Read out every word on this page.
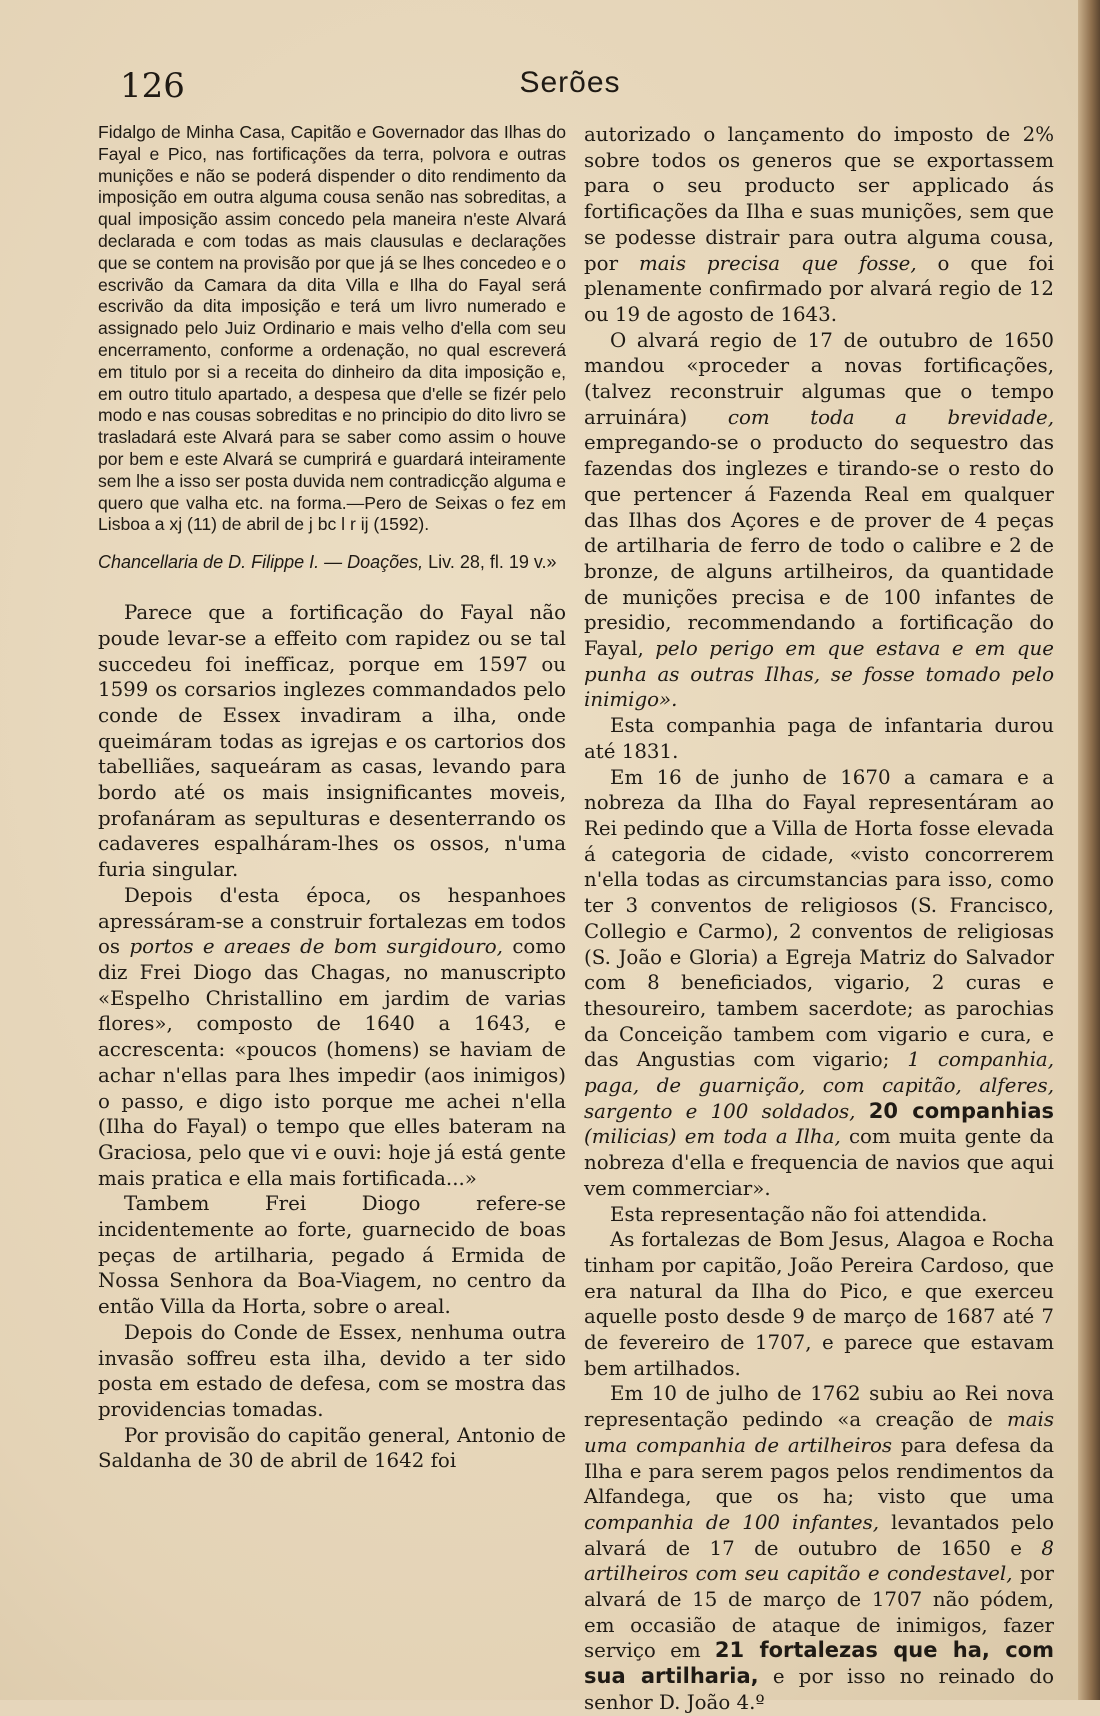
126	Serões

Fidalgo de Minha Casa, Capitão e Governador das Ilhas do Fayal e Pico, nas fortificações da terra, polvora e outras munições e não se poderá dispender o dito rendimento da imposição em outra alguma cousa senão nas sobreditas, a qual imposição assim concedo pela maneira n'este Alvará declarada e com todas as mais clausulas e declarações que se contem na provisão por que já se lhes concedeo e o escrivão da Camara da dita Villa e Ilha do Fayal será escrivão da dita imposição e terá um livro numerado e assignado pelo Juiz Ordinario e mais velho d'ella com seu encerramento, conforme a ordenação, no qual escreverá em titulo por si a receita do dinheiro da dita imposição e, em outro titulo apartado, a despesa que d'elle se fizér pelo modo e nas cousas sobreditas e no principio do dito livro se trasladará este Alvará para se saber como assim o houve por bem e este Alvará se cumprirá e guardará inteiramente sem lhe a isso ser posta duvida nem contradicção alguma e quero que valha etc. na forma.—Pero de Seixas o fez em Lisboa a xj (11) de abril de j bc l r ij (1592).

Chancellaria de D. Filippe I. — Doações, Liv. 28, fl. 19 v.»

Parece que a fortificação do Fayal não poude levar-se a effeito com rapidez ou se tal succedeu foi inefficaz, porque em 1597 ou 1599 os corsarios inglezes commandados pelo conde de Essex invadiram a ilha, onde queimáram todas as igrejas e os cartorios dos tabelliães, saqueáram as casas, levando para bordo até os mais insignificantes moveis, profanáram as sepulturas e desenterrando os cadaveres espalháram-lhes os ossos, n'uma furia singular.

Depois d'esta época, os hespanhoes apressáram-se a construir fortalezas em todos os portos e areaes de bom surgidouro, como diz Frei Diogo das Chagas, no manuscripto «Espelho Christallino em jardim de varias flores», composto de 1640 a 1643, e accrescenta: «poucos (homens) se haviam de achar n'ellas para lhes impedir (aos inimigos) o passo, e digo isto porque me achei n'ella (Ilha do Fayal) o tempo que elles bateram na Graciosa, pelo que vi e ouvi: hoje já está gente mais pratica e ella mais fortificada...»

Tambem Frei Diogo refere-se incidentemente ao forte, guarnecido de boas peças de artilharia, pegado á Ermida de Nossa Senhora da Boa-Viagem, no centro da então Villa da Horta, sobre o areal.

Depois do Conde de Essex, nenhuma outra invasão soffreu esta ilha, devido a ter sido posta em estado de defesa, com se mostra das providencias tomadas.

Por provisão do capitão general, Antonio de Saldanha de 30 de abril de 1642 foi

autorizado o lançamento do imposto de 2% sobre todos os generos que se exportassem para o seu producto ser applicado ás fortificações da Ilha e suas munições, sem que se podesse distrair para outra alguma cousa, por mais precisa que fosse, o que foi plenamente confirmado por alvará regio de 12 ou 19 de agosto de 1643.

O alvará regio de 17 de outubro de 1650 mandou «proceder a novas fortificações, (talvez reconstruir algumas que o tempo arruinára) com toda a brevidade, empregando-se o producto do sequestro das fazendas dos inglezes e tirando-se o resto do que pertencer á Fazenda Real em qualquer das Ilhas dos Açores e de prover de 4 peças de artilharia de ferro de todo o calibre e 2 de bronze, de alguns artilheiros, da quantidade de munições precisa e de 100 infantes de presidio, recommendando a fortificação do Fayal, pelo perigo em que estava e em que punha as outras Ilhas, se fosse tomado pelo inimigo».

Esta companhia paga de infantaria durou até 1831.

Em 16 de junho de 1670 a camara e a nobreza da Ilha do Fayal representáram ao Rei pedindo que a Villa de Horta fosse elevada á categoria de cidade, «visto concorrerem n'ella todas as circumstancias para isso, como ter 3 conventos de religiosos (S. Francisco, Collegio e Carmo), 2 conventos de religiosas (S. João e Gloria) a Egreja Matriz do Salvador com 8 beneficiados, vigario, 2 curas e thesoureiro, tambem sacerdote; as parochias da Conceição tambem com vigario e cura, e das Angustias com vigario; 1 companhia, paga, de guarnição, com capitão, alferes, sargento e 100 soldados, 20 companhias (milicias) em toda a Ilha, com muita gente da nobreza d'ella e frequencia de navios que aqui vem commerciar».

Esta representação não foi attendida.

As fortalezas de Bom Jesus, Alagoa e Rocha tinham por capitão, João Pereira Cardoso, que era natural da Ilha do Pico, e que exerceu aquelle posto desde 9 de março de 1687 até 7 de fevereiro de 1707, e parece que estavam bem artilhados.

Em 10 de julho de 1762 subiu ao Rei nova representação pedindo «a creação de mais uma companhia de artilheiros para defesa da Ilha e para serem pagos pelos rendimentos da Alfandega, que os ha; visto que uma companhia de 100 infantes, levantados pelo alvará de 17 de outubro de 1650 e 8 artilheiros com seu capitão e condestavel, por alvará de 15 de março de 1707 não pódem, em occasião de ataque de inimigos, fazer serviço em 21 fortalezas que ha, com sua artilharia, e por isso no reinado do senhor D. João 4.º
